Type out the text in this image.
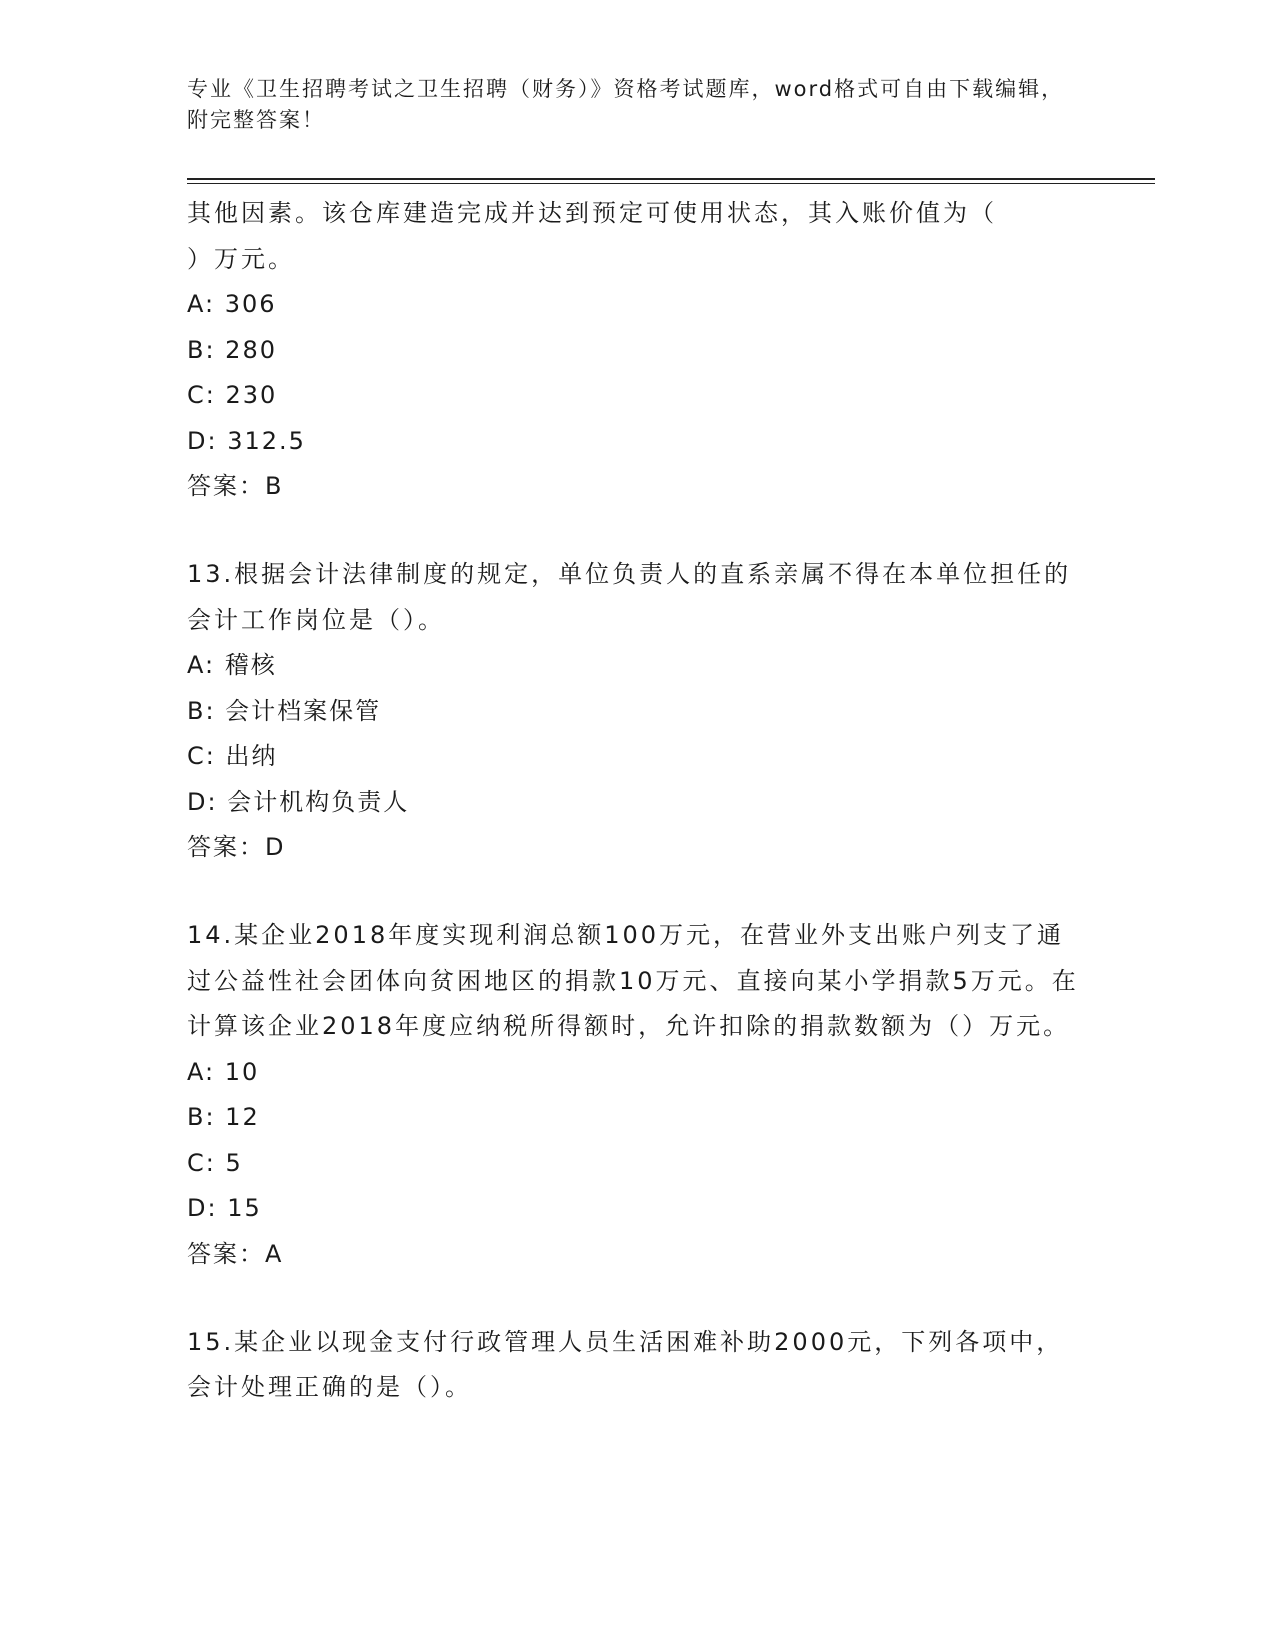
专业《卫生招聘考试之卫生招聘（财务）》资格考试题库，word格式可自由下载编辑，附完整答案！

其他因素。该仓库建造完成并达到预定可使用状态，其入账价值为（

）万元。

A: 306

B: 280

C: 230

D: 312.5

答案：B

13.根据会计法律制度的规定，单位负责人的直系亲属不得在本单位担任的会计工作岗位是（）。

A: 稽核

B: 会计档案保管

C: 出纳

D: 会计机构负责人

答案：D

14.某企业2018年度实现利润总额100万元，在营业外支出账户列支了通过公益性社会团体向贫困地区的捐款10万元、直接向某小学捐款5万元。在计算该企业2018年度应纳税所得额时，允许扣除的捐款数额为（）万元。

A: 10

B: 12

C: 5

D: 15

答案：A

15.某企业以现金支付行政管理人员生活困难补助2000元，下列各项中，会计处理正确的是（）。
